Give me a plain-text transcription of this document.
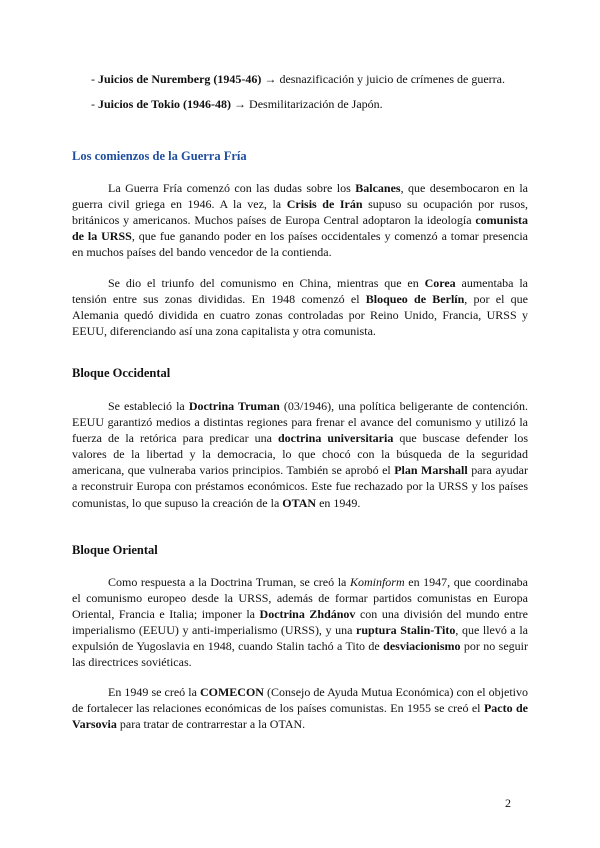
- Juicios de Nuremberg (1945-46) → desnazificación y juicio de crímenes de guerra.
- Juicios de Tokio (1946-48) → Desmilitarización de Japón.
Los comienzos de la Guerra Fría

La Guerra Fría comenzó con las dudas sobre los Balcanes, que desembocaron en la guerra civil griega en 1946. A la vez, la Crisis de Irán supuso su ocupación por rusos, británicos y americanos. Muchos países de Europa Central adoptaron la ideología comunista de la URSS, que fue ganando poder en los países occidentales y comenzó a tomar presencia en muchos países del bando vencedor de la contienda.

Se dio el triunfo del comunismo en China, mientras que en Corea aumentaba la tensión entre sus zonas divididas. En 1948 comenzó el Bloqueo de Berlín, por el que Alemania quedó dividida en cuatro zonas controladas por Reino Unido, Francia, URSS y EEUU, diferenciando así una zona capitalista y otra comunista.

Bloque Occidental

Se estableció la Doctrina Truman (03/1946), una política beligerante de contención. EEUU garantizó medios a distintas regiones para frenar el avance del comunismo y utilizó la fuerza de la retórica para predicar una doctrina universitaria que buscase defender los valores de la libertad y la democracia, lo que chocó con la búsqueda de la seguridad americana, que vulneraba varios principios. También se aprobó el Plan Marshall para ayudar a reconstruir Europa con préstamos económicos. Este fue rechazado por la URSS y los países comunistas, lo que supuso la creación de la OTAN en 1949.

Bloque Oriental

Como respuesta a la Doctrina Truman, se creó la Kominform en 1947, que coordinaba el comunismo europeo desde la URSS, además de formar partidos comunistas en Europa Oriental, Francia e Italia; imponer la Doctrina Zhdánov con una división del mundo entre imperialismo (EEUU) y anti-imperialismo (URSS), y una ruptura Stalin-Tito, que llevó a la expulsión de Yugoslavia en 1948, cuando Stalin tachó a Tito de desviacionismo por no seguir las directrices soviéticas.

En 1949 se creó la COMECON (Consejo de Ayuda Mutua Económica) con el objetivo de fortalecer las relaciones económicas de los países comunistas. En 1955 se creó el Pacto de Varsovia para tratar de contrarrestar a la OTAN.

2
